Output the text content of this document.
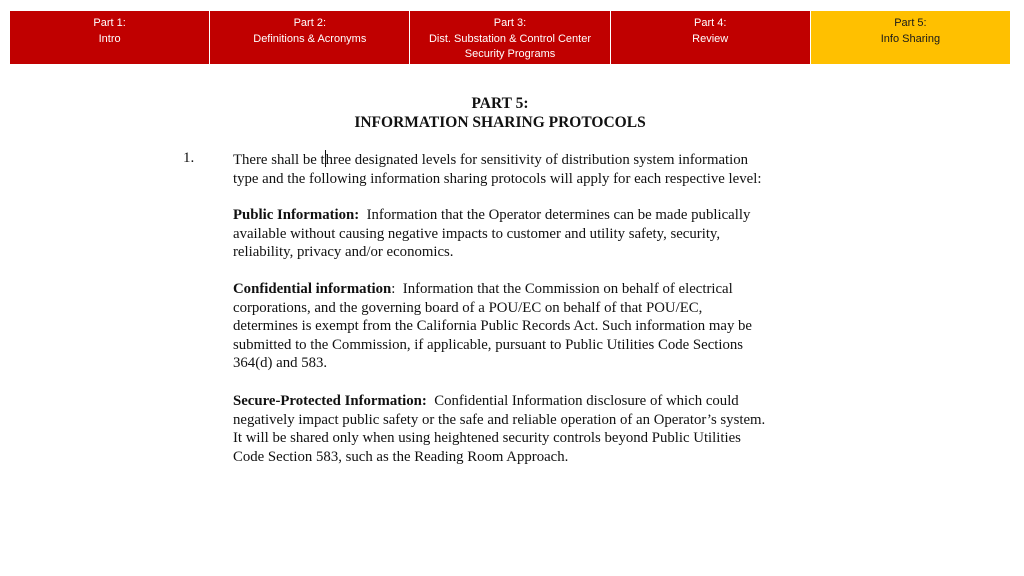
Part 1:
Intro
Part 2:
Definitions & Acronyms
Part 3:
Dist. Substation & Control Center
Security Programs
Part 4:
Review
Part 5:
Info Sharing
PART 5:
INFORMATION SHARING PROTOCOLS
1.	There shall be three designated levels for sensitivity of distribution system information
type and the following information sharing protocols will apply for each respective level:
Public Information:  Information that the Operator determines can be made publically
available without causing negative impacts to customer and utility safety, security,
reliability, privacy and/or economics.
Confidential information:  Information that the Commission on behalf of electrical
corporations, and the governing board of a POU/EC on behalf of that POU/EC,
determines is exempt from the California Public Records Act. Such information may be
submitted to the Commission, if applicable, pursuant to Public Utilities Code Sections
364(d) and 583.
Secure-Protected Information:  Confidential Information disclosure of which could
negatively impact public safety or the safe and reliable operation of an Operator’s system.
It will be shared only when using heightened security controls beyond Public Utilities
Code Section 583, such as the Reading Room Approach.
